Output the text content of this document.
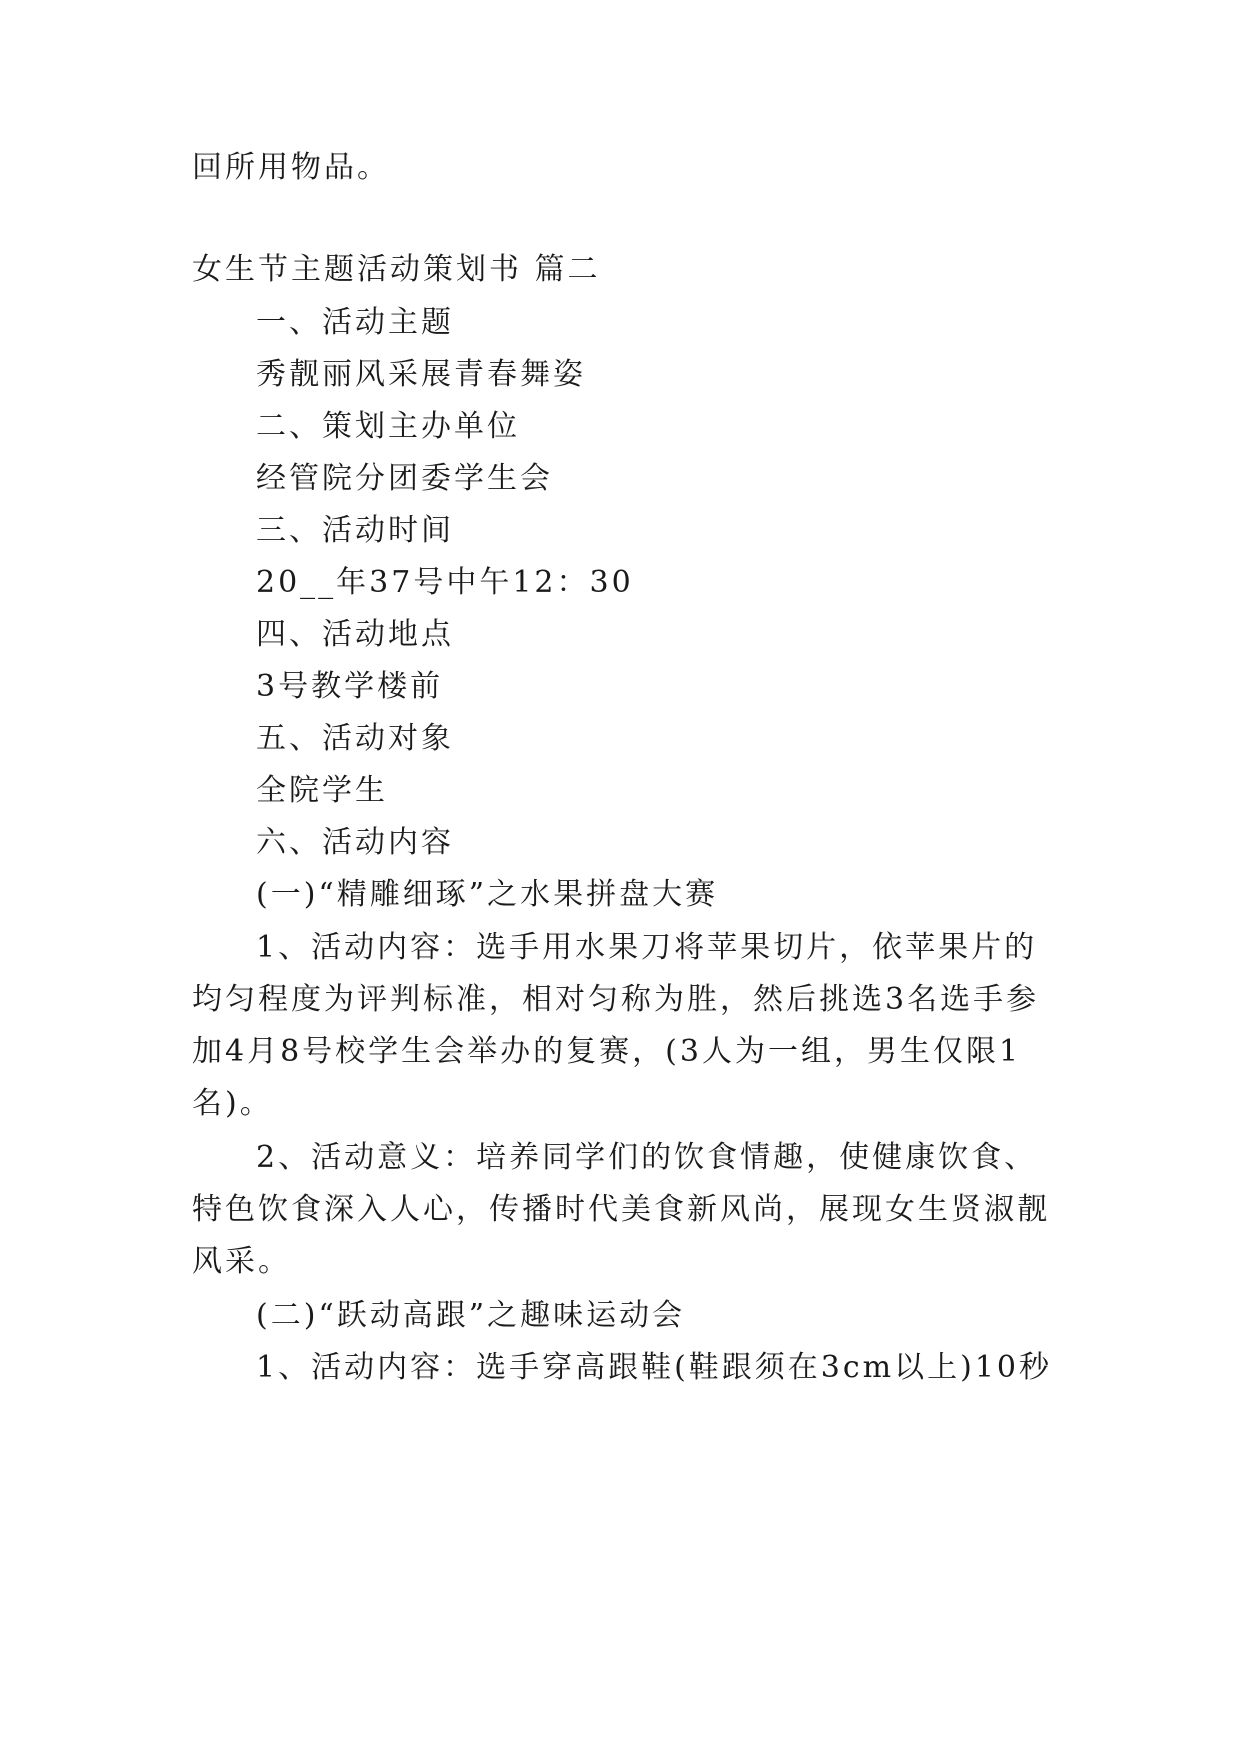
回所用物品。
女生节主题活动策划书 篇二
一、活动主题
秀靓丽风采展青春舞姿
二、策划主办单位
经管院分团委学生会
三、活动时间
20__年37号中午12：30
四、活动地点
3号教学楼前
五、活动对象
全院学生
六、活动内容
(一)“精雕细琢”之水果拼盘大赛
1、活动内容：选手用水果刀将苹果切片，依苹果片的
均匀程度为评判标准，相对匀称为胜，然后挑选3名选手参
加4月8号校学生会举办的复赛，(3人为一组，男生仅限1
名)。
2、活动意义：培养同学们的饮食情趣，使健康饮食、
特色饮食深入人心，传播时代美食新风尚，展现女生贤淑靓
风采。
(二)“跃动高跟”之趣味运动会
1、活动内容：选手穿高跟鞋(鞋跟须在3cm以上)10秒
